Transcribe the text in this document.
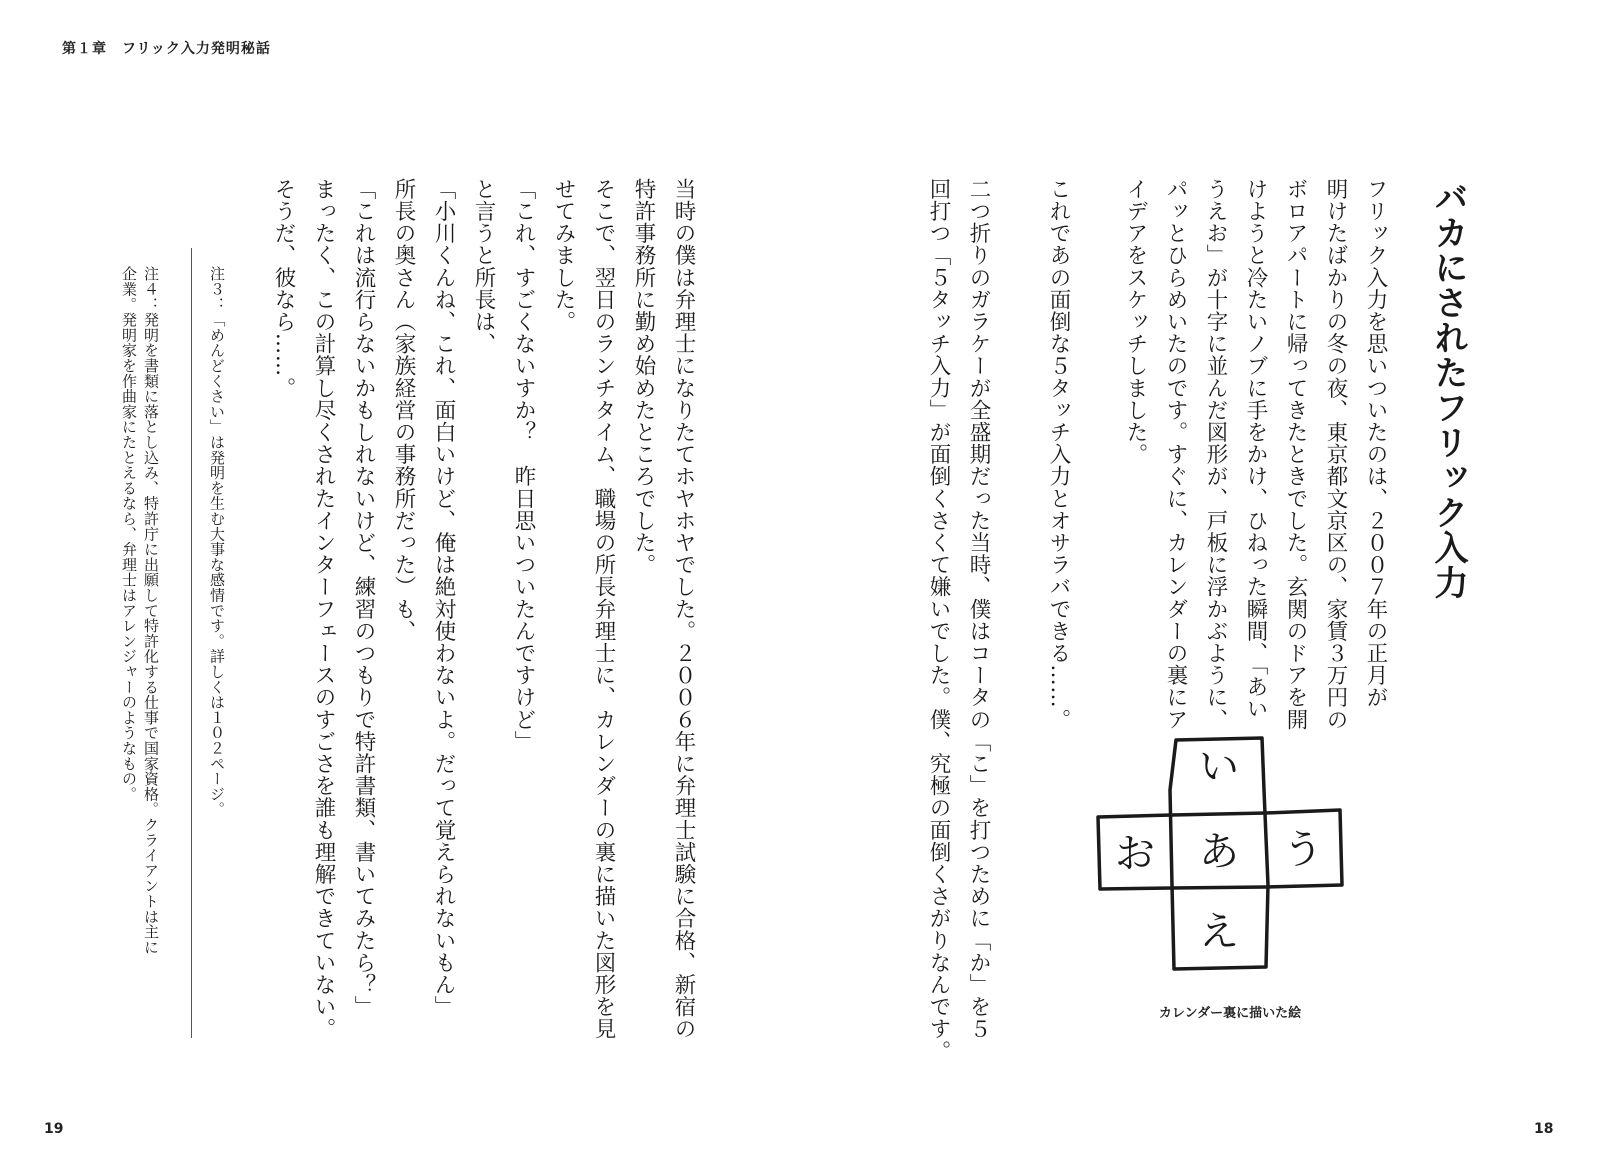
第１章　フリック入力発明秘話
バカにされたフリック入力
フリック入力を思いついたのは、２００７年の正月が
明けたばかりの冬の夜、東京都文京区の、家賃３万円の
ボロアパートに帰ってきたときでした。玄関のドアを開
けようと冷たいノブに手をかけ、ひねった瞬間、「あい
うえお」が十字に並んだ図形が、戸板に浮かぶように、
パッとひらめいたのです。すぐに、カレンダーの裏にア
イデアをスケッチしました。
これであの面倒な５タッチ入力とオサラバできる……。

二つ折りのガラケーが全盛期だった当時、僕はコータの「こ」を打つために「か」を５
回打つ「５タッチ入力」が面倒くさくて嫌いでした。僕、究極の面倒くさがりなんです。	い
お あ う
え
カレンダー裏に描いた絵
当時の僕は弁理士になりたてホヤホヤでした。２００６年に弁理士試験に合格、新宿の
特許事務所に勤め始めたところでした。
そこで、翌日のランチタイム、職場の所長弁理士に、カレンダーの裏に描いた図形を見
せてみました。
「これ、すごくないすか？　昨日思いついたんですけど」
と言うと所長は、
「小川くんね、これ、面白いけど、俺は絶対使わないよ。だって覚えられないもん」
所長の奥さん（家族経営の事務所だった）も、
「これは流行らないかもしれないけど、練習のつもりで特許書類、書いてみたら？」
まったく、この計算し尽くされたインターフェースのすごさを誰も理解できていない。
そうだ、彼なら……。

注３：「めんどくさい」は発明を生む大事な感情です。詳しくは１０２ページ。

注４：発明を書類に落とし込み、特許庁に出願して特許化する仕事で国家資格。クライアントは主に
企業。発明家を作曲家にたとえるなら、弁理士はアレンジャーのようなもの。

19	18
